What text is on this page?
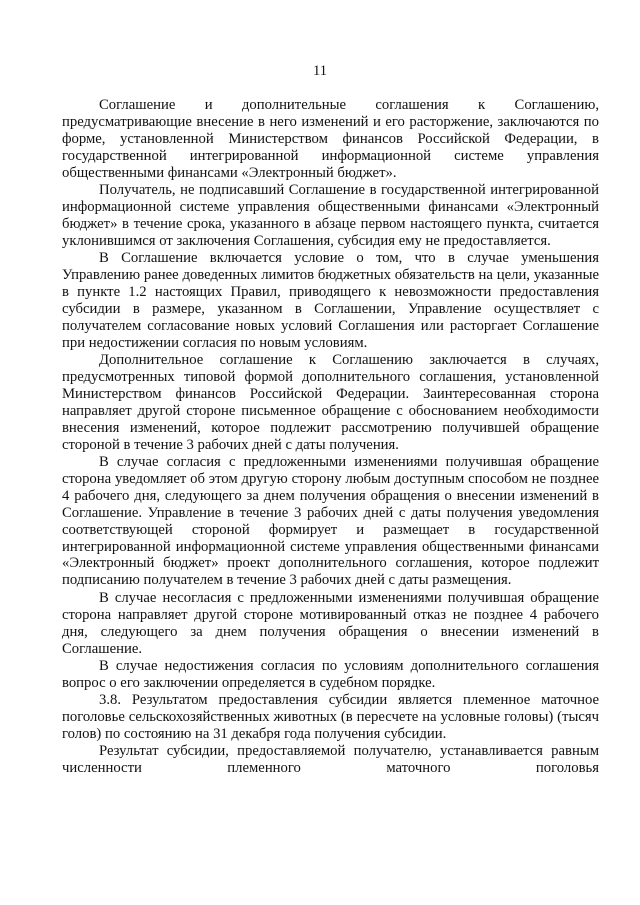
11

Соглашение и дополнительные соглашения к Соглашению, предусматривающие внесение в него изменений и его расторжение, заключаются по форме, установленной Министерством финансов Российской Федерации, в государственной интегрированной информационной системе управления общественными финансами «Электронный бюджет».

Получатель, не подписавший Соглашение в государственной интегрированной информационной системе управления общественными финансами «Электронный бюджет» в течение срока, указанного в абзаце первом настоящего пункта, считается уклонившимся от заключения Соглашения, субсидия ему не предоставляется.

В Соглашение включается условие о том, что в случае уменьшения Управлению ранее доведенных лимитов бюджетных обязательств на цели, указанные в пункте 1.2 настоящих Правил, приводящего к невозможности предоставления субсидии в размере, указанном в Соглашении, Управление осуществляет с получателем согласование новых условий Соглашения или расторгает Соглашение при недостижении согласия по новым условиям.

Дополнительное соглашение к Соглашению заключается в случаях, предусмотренных типовой формой дополнительного соглашения, установленной Министерством финансов Российской Федерации. Заинтересованная сторона направляет другой стороне письменное обращение с обоснованием необходимости внесения изменений, которое подлежит рассмотрению получившей обращение стороной в течение 3 рабочих дней с даты получения.

В случае согласия с предложенными изменениями получившая обращение сторона уведомляет об этом другую сторону любым доступным способом не позднее 4 рабочего дня, следующего за днем получения обращения о внесении изменений в Соглашение. Управление в течение 3 рабочих дней с даты получения уведомления соответствующей стороной формирует и размещает в государственной интегрированной информационной системе управления общественными финансами «Электронный бюджет» проект дополнительного соглашения, которое подлежит подписанию получателем в течение 3 рабочих дней с даты размещения.

В случае несогласия с предложенными изменениями получившая обращение сторона направляет другой стороне мотивированный отказ не позднее 4 рабочего дня, следующего за днем получения обращения о внесении изменений в Соглашение.

В случае недостижения согласия по условиям дополнительного соглашения вопрос о его заключении определяется в судебном порядке.

3.8. Результатом предоставления субсидии является племенное маточное поголовье сельскохозяйственных животных (в пересчете на условные головы) (тысяч голов) по состоянию на 31 декабря года получения субсидии.

Результат субсидии, предоставляемой получателю, устанавливается равным численности племенного маточного поголовья
